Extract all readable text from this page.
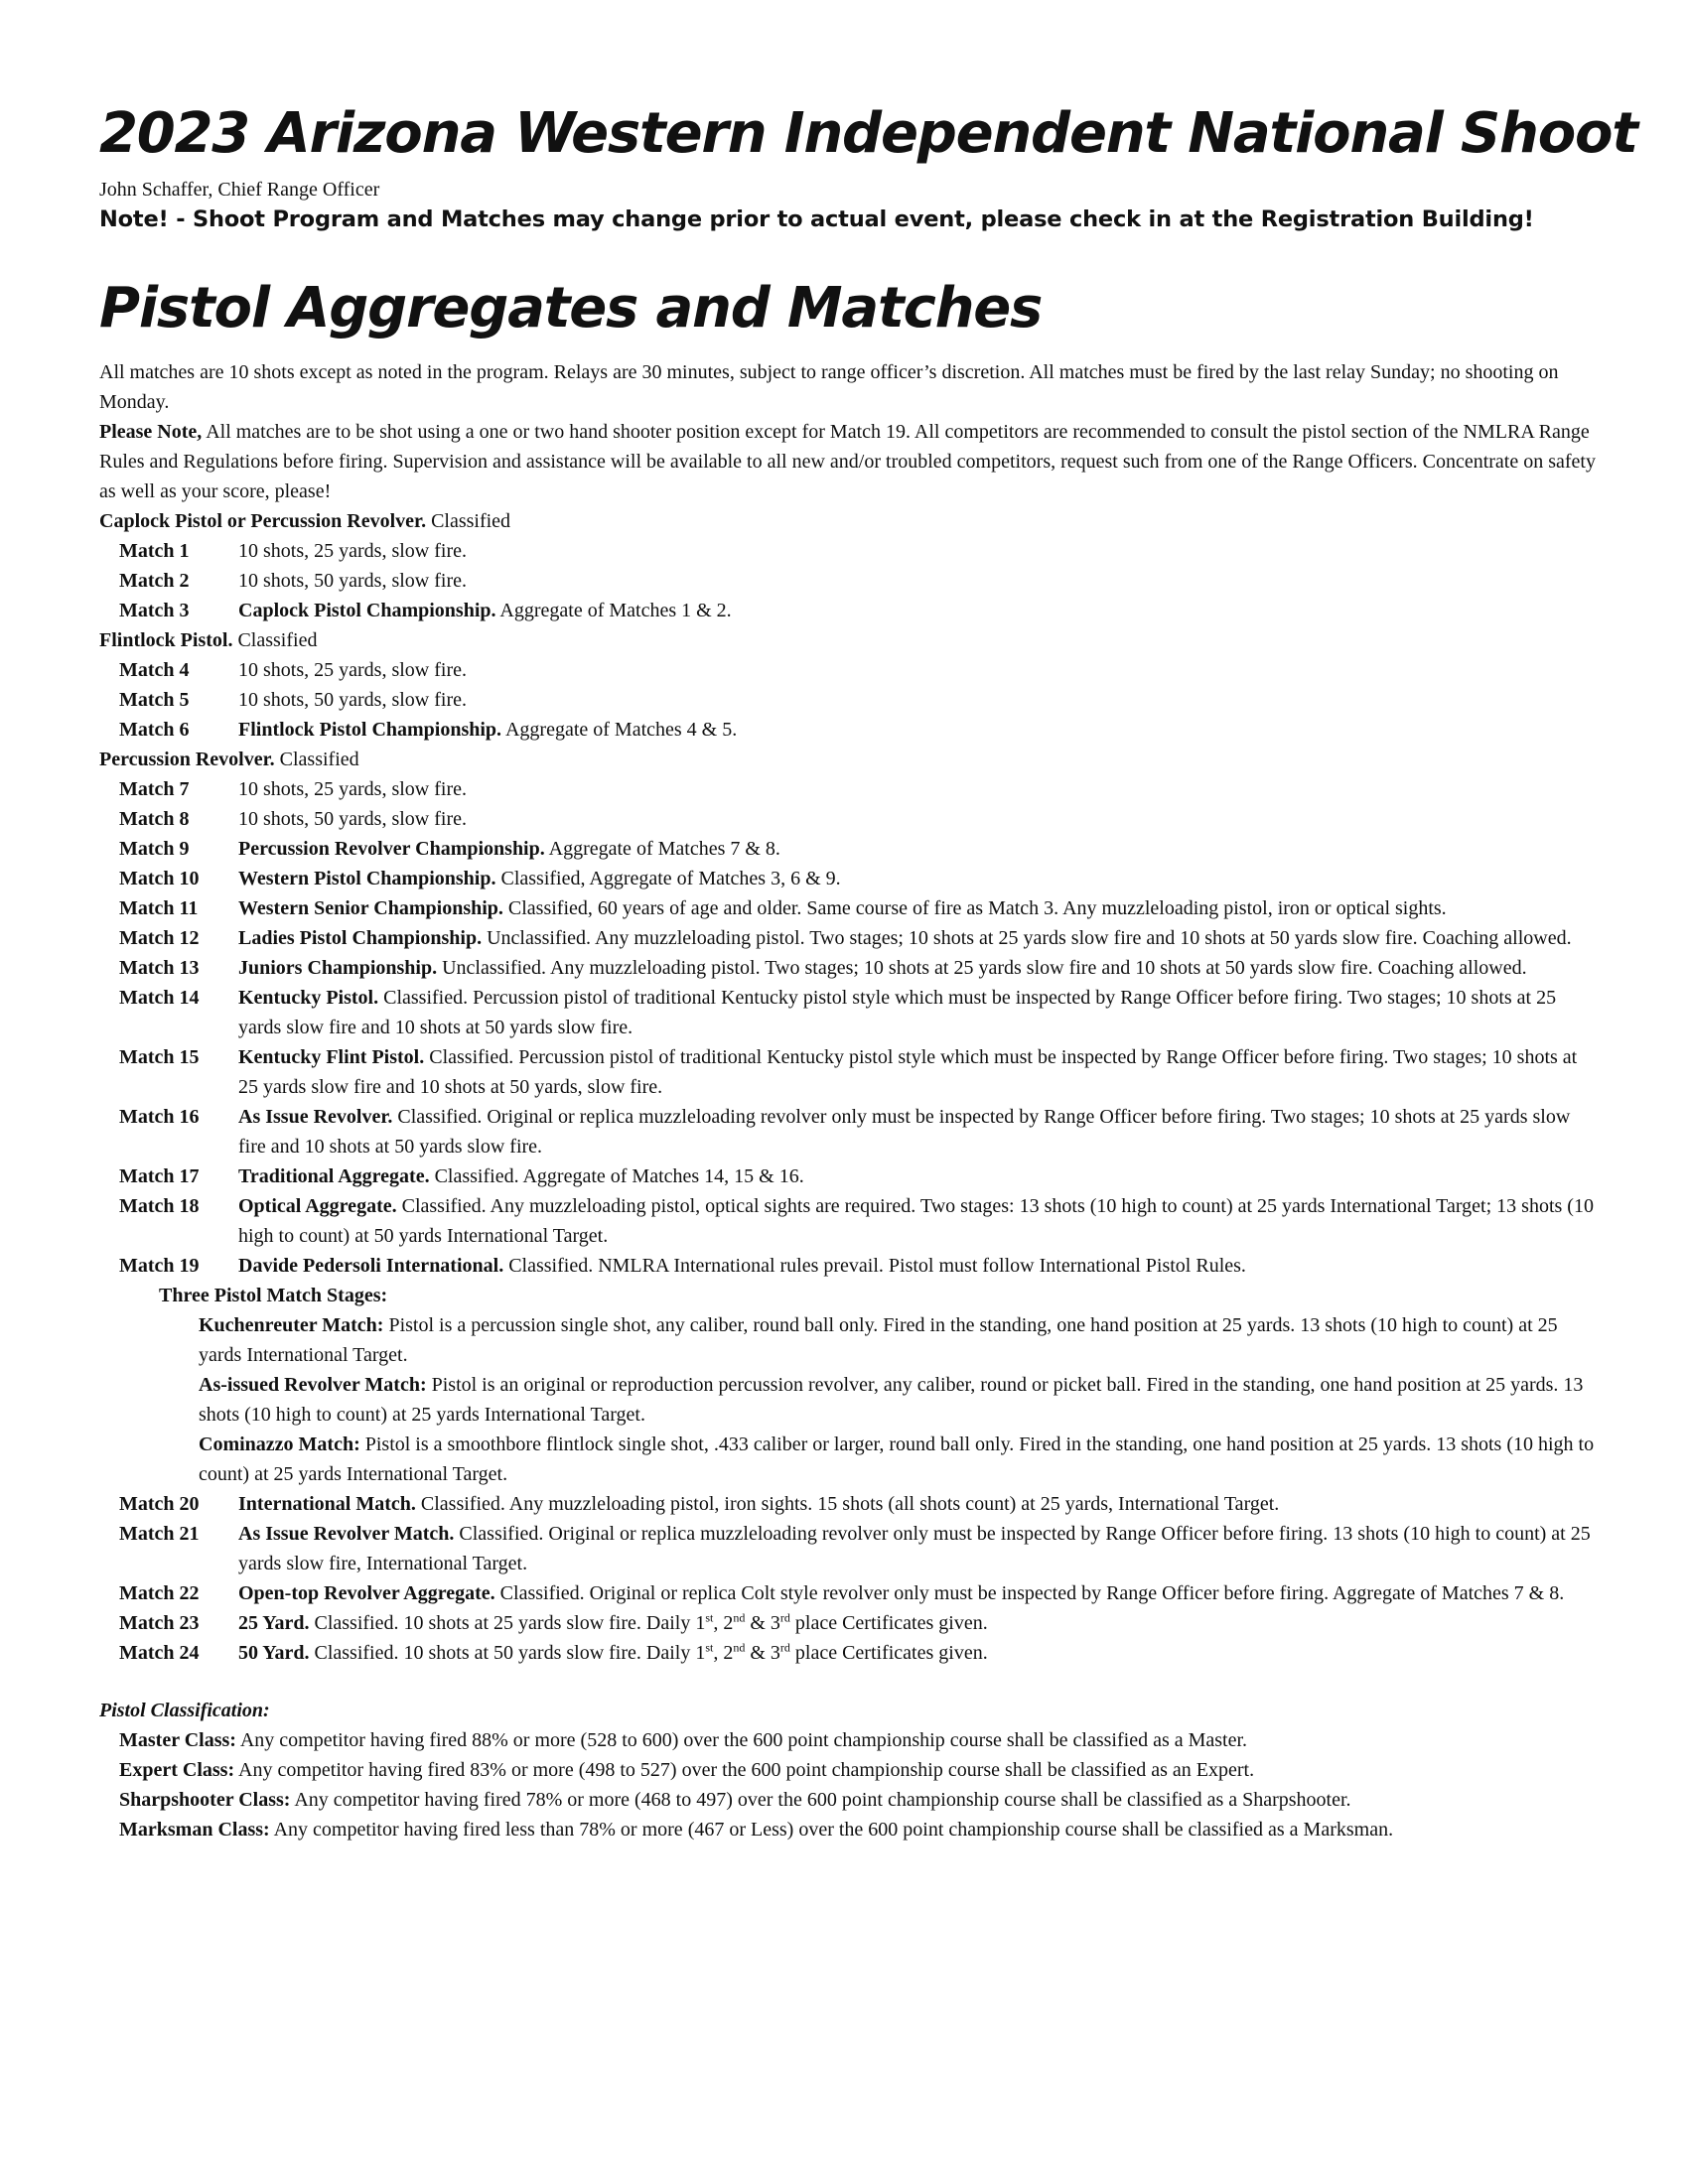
2023 Arizona Western Independent National Shoot
John Schaffer, Chief Range Officer
Note! - Shoot Program and Matches may change prior to actual event, please check in at the Registration Building!
Pistol Aggregates and Matches
All matches are 10 shots except as noted in the program. Relays are 30 minutes, subject to range officer’s discretion. All matches must be fired by the last relay Sunday; no shooting on Monday.
Please Note, All matches are to be shot using a one or two hand shooter position except for Match 19. All competitors are recommended to consult the pistol section of the NMLRA Range Rules and Regulations before firing. Supervision and assistance will be available to all new and/or troubled competitors, request such from one of the Range Officers. Concentrate on safety as well as your score, please!
Caplock Pistol or Percussion Revolver. Classified
Match 1	10 shots, 25 yards, slow fire.
Match 2	10 shots, 50 yards, slow fire.
Match 3	Caplock Pistol Championship. Aggregate of Matches 1 & 2.
Flintlock Pistol. Classified
Match 4	10 shots, 25 yards, slow fire.
Match 5	10 shots, 50 yards, slow fire.
Match 6	Flintlock Pistol Championship. Aggregate of Matches 4 & 5.
Percussion Revolver. Classified
Match 7	10 shots, 25 yards, slow fire.
Match 8	10 shots, 50 yards, slow fire.
Match 9	Percussion Revolver Championship. Aggregate of Matches 7 & 8.
Match 10	Western Pistol Championship. Classified, Aggregate of Matches 3, 6 & 9.
Match 11	Western Senior Championship. Classified, 60 years of age and older. Same course of fire as Match 3. Any muzzleloading pistol, iron or optical sights.
Match 12	Ladies Pistol Championship. Unclassified. Any muzzleloading pistol. Two stages; 10 shots at 25 yards slow fire and 10 shots at 50 yards slow fire. Coaching allowed.
Match 13	Juniors Championship. Unclassified. Any muzzleloading pistol. Two stages; 10 shots at 25 yards slow fire and 10 shots at 50 yards slow fire. Coaching allowed.
Match 14	Kentucky Pistol. Classified. Percussion pistol of traditional Kentucky pistol style which must be inspected by Range Officer before firing. Two stages; 10 shots at 25 yards slow fire and 10 shots at 50 yards slow fire.
Match 15	Kentucky Flint Pistol. Classified. Percussion pistol of traditional Kentucky pistol style which must be inspected by Range Officer before firing. Two stages; 10 shots at 25 yards slow fire and 10 shots at 50 yards, slow fire.
Match 16	As Issue Revolver. Classified. Original or replica muzzleloading revolver only must be inspected by Range Officer before firing. Two stages; 10 shots at 25 yards slow fire and 10 shots at 50 yards slow fire.
Match 17	Traditional Aggregate. Classified. Aggregate of Matches 14, 15 & 16.
Match 18	Optical Aggregate. Classified. Any muzzleloading pistol, optical sights are required. Two stages: 13 shots (10 high to count) at 25 yards International Target; 13 shots (10 high to count) at 50 yards International Target.
Match 19	Davide Pedersoli International. Classified. NMLRA International rules prevail. Pistol must follow International Pistol Rules.
Three Pistol Match Stages:
Kuchenreuter Match: Pistol is a percussion single shot, any caliber, round ball only. Fired in the standing, one hand position at 25 yards. 13 shots (10 high to count) at 25 yards International Target.
As-issued Revolver Match: Pistol is an original or reproduction percussion revolver, any caliber, round or picket ball. Fired in the standing, one hand position at 25 yards. 13 shots (10 high to count) at 25 yards International Target.
Cominazzo Match: Pistol is a smoothbore flintlock single shot, .433 caliber or larger, round ball only. Fired in the standing, one hand position at 25 yards. 13 shots (10 high to count) at 25 yards International Target.
Match 20	International Match. Classified. Any muzzleloading pistol, iron sights. 15 shots (all shots count) at 25 yards, International Target.
Match 21	As Issue Revolver Match. Classified. Original or replica muzzleloading revolver only must be inspected by Range Officer before firing. 13 shots (10 high to count) at 25 yards slow fire, International Target.
Match 22	Open-top Revolver Aggregate. Classified. Original or replica Colt style revolver only must be inspected by Range Officer before firing. Aggregate of Matches 7 & 8.
Match 23	25 Yard. Classified. 10 shots at 25 yards slow fire. Daily 1st, 2nd & 3rd place Certificates given.
Match 24	50 Yard. Classified. 10 shots at 50 yards slow fire. Daily 1st, 2nd & 3rd place Certificates given.
Pistol Classification:
Master Class: Any competitor having fired 88% or more (528 to 600) over the 600 point championship course shall be classified as a Master.
Expert Class: Any competitor having fired 83% or more (498 to 527) over the 600 point championship course shall be classified as an Expert.
Sharpshooter Class: Any competitor having fired 78% or more (468 to 497) over the 600 point championship course shall be classified as a Sharpshooter.
Marksman Class: Any competitor having fired less than 78% or more (467 or Less) over the 600 point championship course shall be classified as a Marksman.
